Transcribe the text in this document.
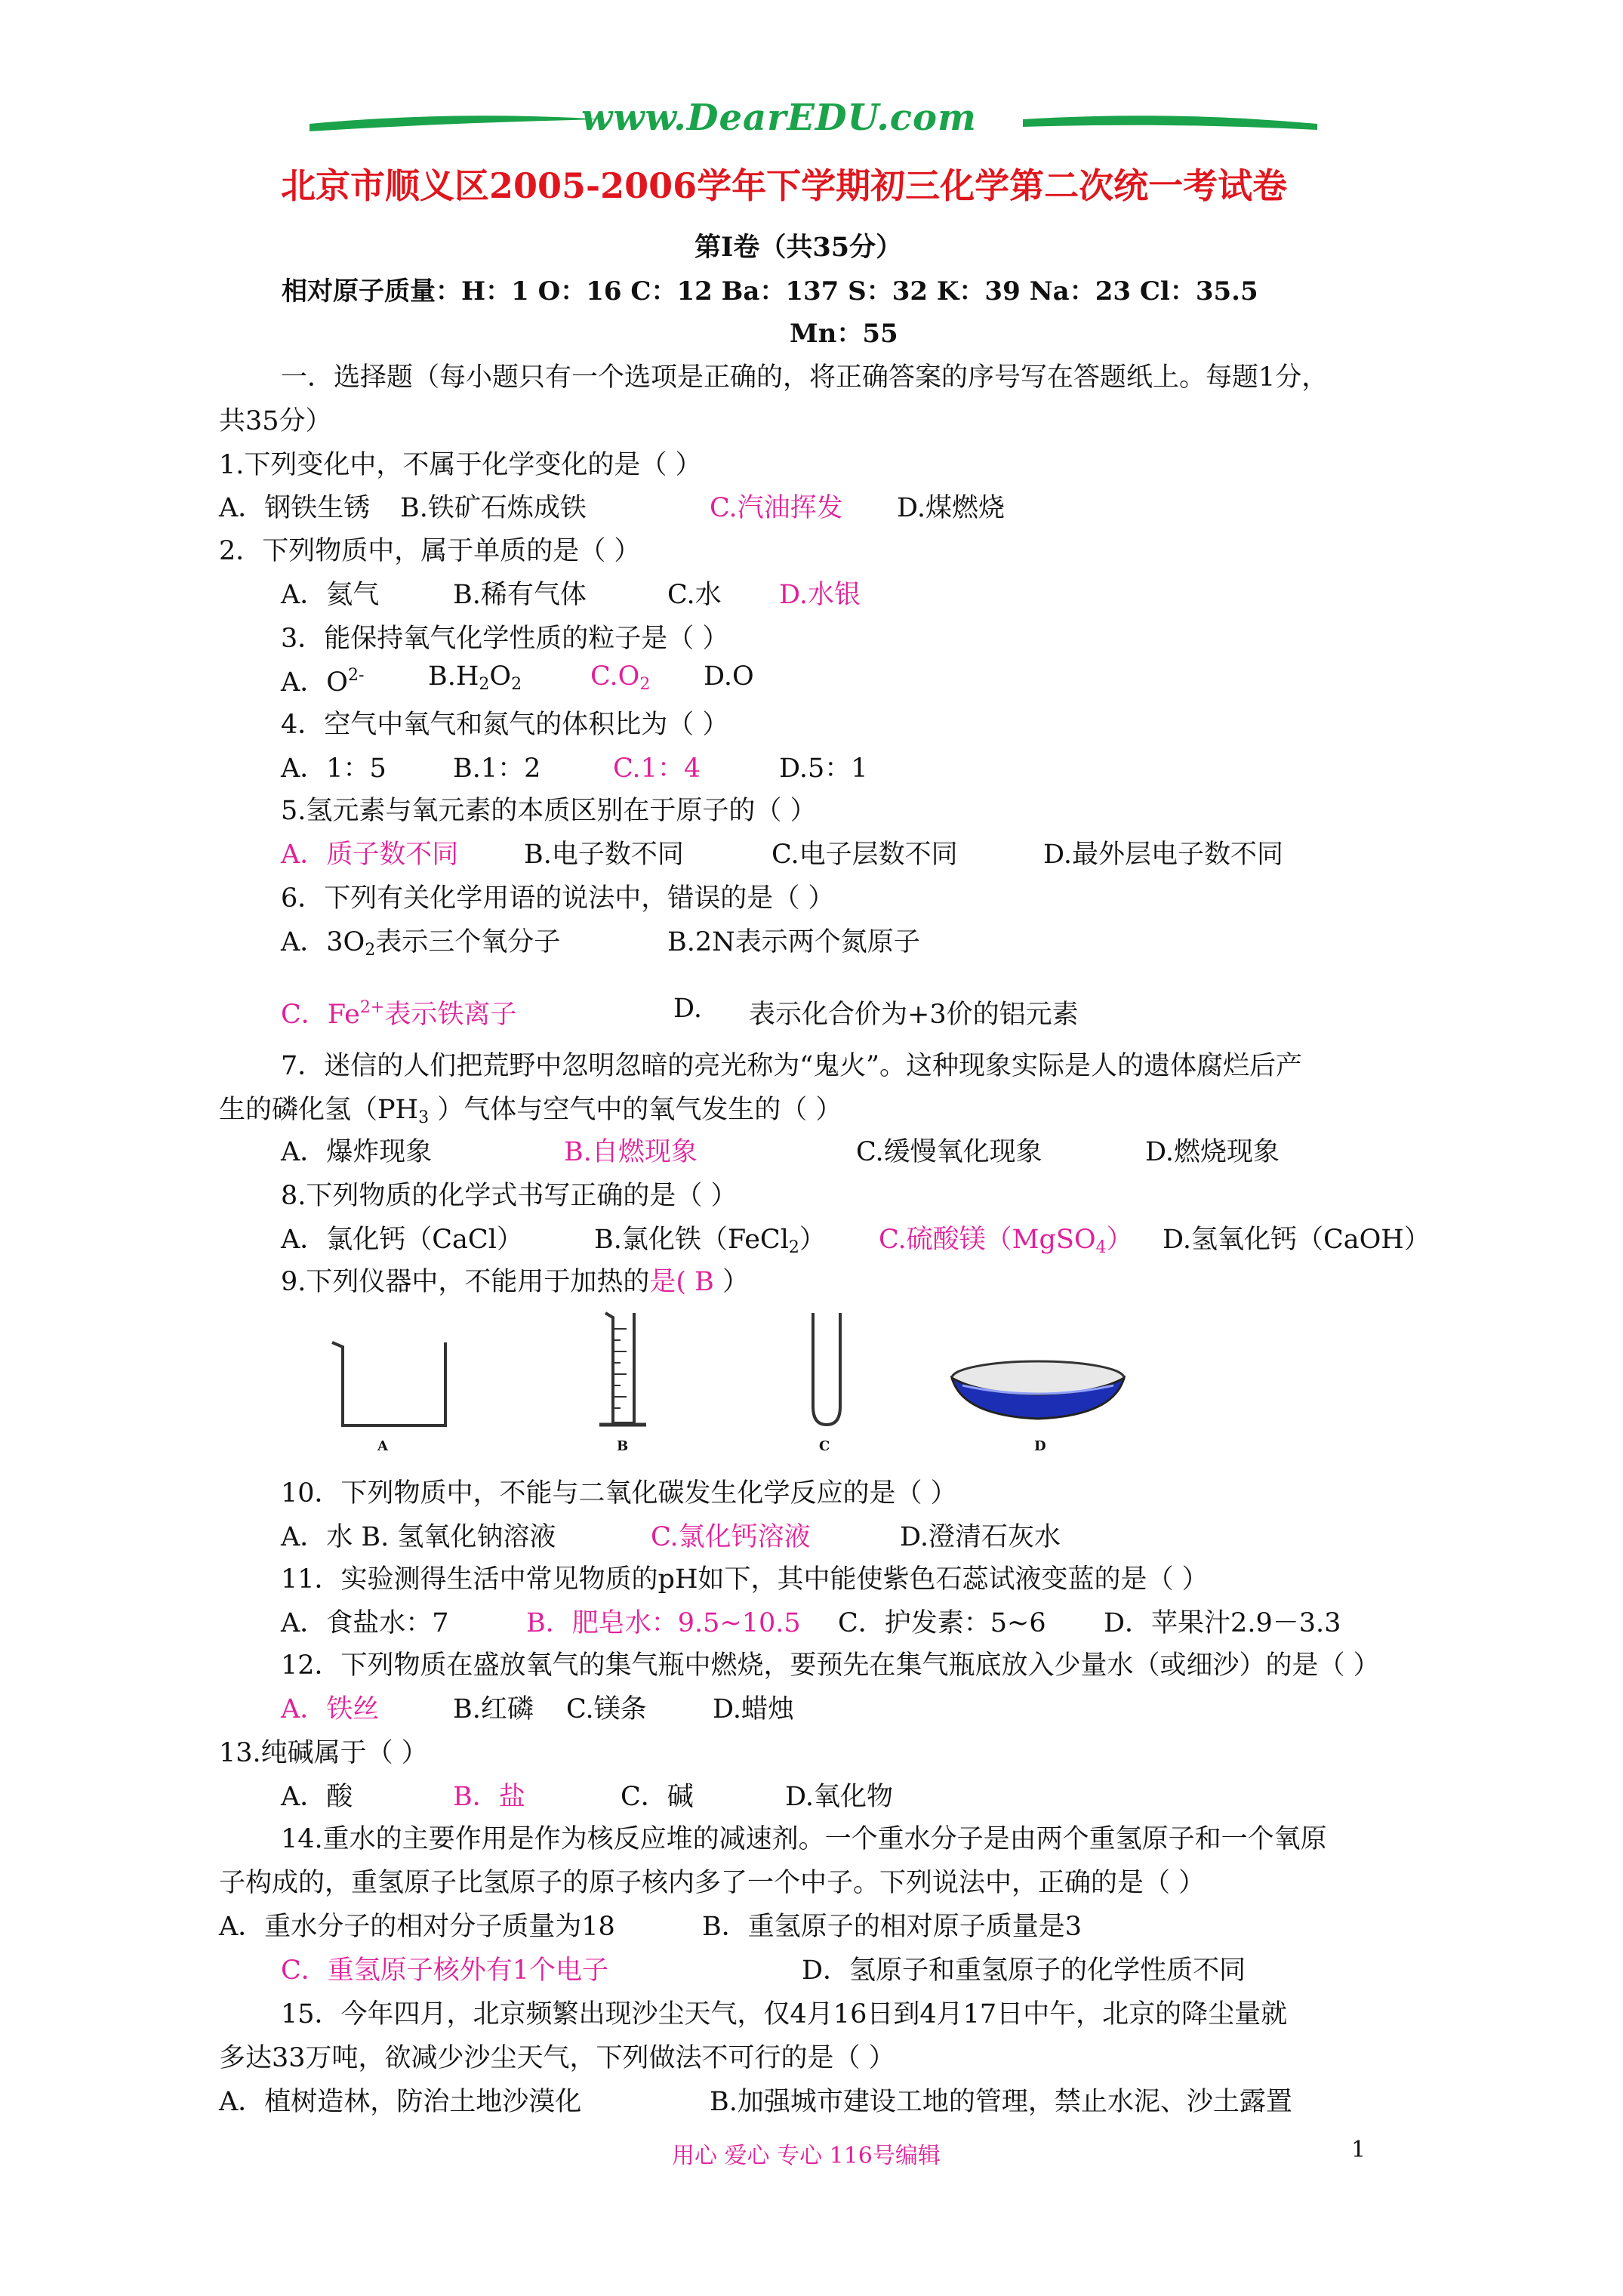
www.DearEDU.com
北京市顺义区2005-2006学年下学期初三化学第二次统一考试卷
第Ⅰ卷（共35分）
相对原子质量：H：1 O：16 C：12 Ba：137 S：32 K：39 Na：23 Cl：35.5
Mn：55
一．选择题（每小题只有一个选项是正确的，将正确答案的序号写在答题纸上。每题1分，
共35分）
1.下列变化中，不属于化学变化的是（ ）
A．钢铁生锈 B.铁矿石炼成铁	C.汽油挥发 D.煤燃烧
2．下列物质中，属于单质的是（ ）
A．氦气	B.稀有气体	C.水 D.水银
3．能保持氧气化学性质的粒子是（ ）
A．$O^{2-}$ $B.H_2O_2$	$C.O_2$ D.O
4．空气中氧气和氮气的体积比为（ ）
A．1：5	B.1：2	C.1：4	D.5：1
5.氢元素与氧元素的本质区别在于原子的（ ）
A．质子数不同 B.电子数不同	C.电子层数不同	D.最外层电子数不同
6．下列有关化学用语的说法中，错误的是（ ）
A．$3O_2$表示三个氧分子	B.2N表示两个氮原子
C．$Fe^{2+}$表示铁离子	D. 表示化合价为+3价的铝元素
7．迷信的人们把荒野中忽明忽暗的亮光称为“鬼火”。这种现象实际是人的遗体腐烂后产
生的磷化氢（$PH_3$ ）气体与空气中的氧气发生的（ ）
A．爆炸现象	B.自燃现象	C.缓慢氧化现象	D.燃烧现象
8.下列物质的化学式书写正确的是（ ）
A．氯化钙（CaCl）	B.氯化铁（FeCl$_2$） C.硫酸镁（MgSO$_4$） D.氢氧化钙（CaOH）
9.下列仪器中，不能用于加热的是( B ）
A	B	C	D
10．下列物质中，不能与二氧化碳发生化学反应的是（ ）
A．水 B. 氢氧化钠溶液	C.氯化钙溶液	D.澄清石灰水
11．实验测得生活中常见物质的pH如下，其中能使紫色石蕊试液变蓝的是（ ）
A．食盐水：7	B．肥皂水：9.5~10.5 C．护发素：5~6 D．苹果汁2.9－3.3
12．下列物质在盛放氧气的集气瓶中燃烧，要预先在集气瓶底放入少量水（或细沙）的是（ ）
A．铁丝	B.红磷 C.镁条 D.蜡烛
13.纯碱属于（ ）
A．酸	B．盐	C．碱	D.氧化物
14.重水的主要作用是作为核反应堆的减速剂。一个重水分子是由两个重氢原子和一个氧原
子构成的，重氢原子比氢原子的原子核内多了一个中子。下列说法中，正确的是（ ）
A．重水分子的相对分子质量为18	B．重氢原子的相对原子质量是3
C．重氢原子核外有1个电子	D．氢原子和重氢原子的化学性质不同
15．今年四月，北京频繁出现沙尘天气，仅4月16日到4月17日中午，北京的降尘量就
多达33万吨，欲减少沙尘天气，下列做法不可行的是（ ）
A．植树造林，防治土地沙漠化	B.加强城市建设工地的管理，禁止水泥、沙土露置
用心 爱心 专心 116号编辑	1
